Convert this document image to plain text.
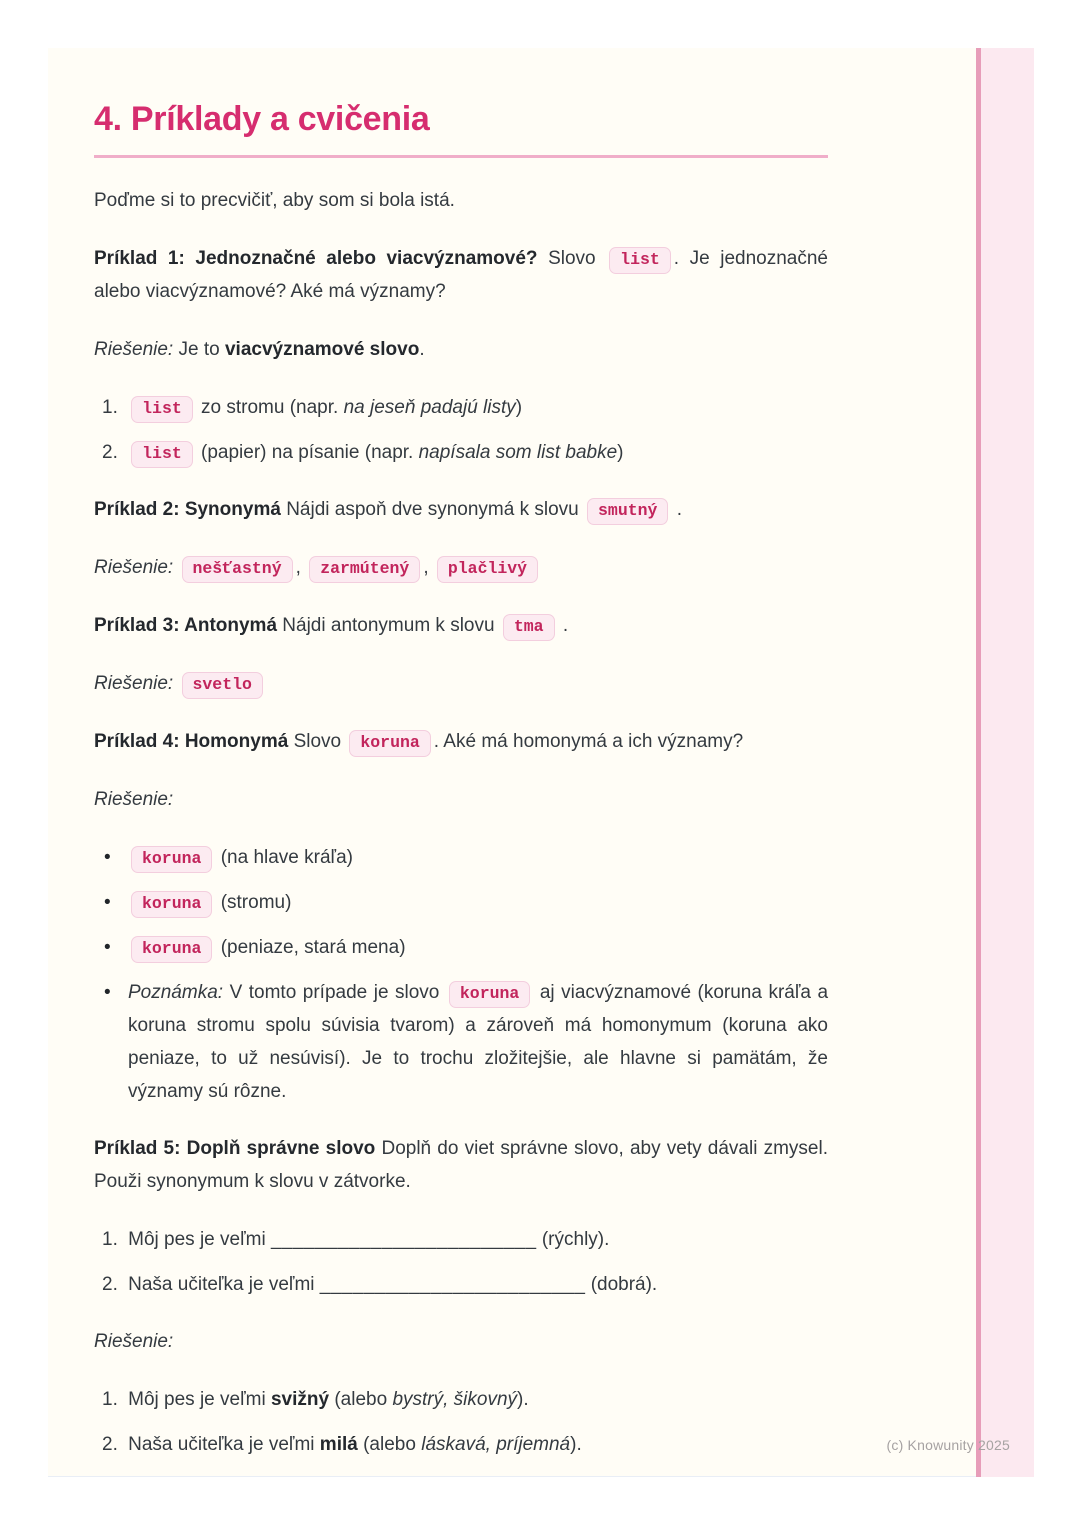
4. Príklady a cvičenia

Poďme si to precvičiť, aby som si bola istá.

Príklad 1: Jednoznačné alebo viacvýznamové? Slovo list . Je jednoznačné alebo viacvýznamové? Aké má významy?

Riešenie: Je to viacvýznamové slovo.

1. list zo stromu (napr. na jeseň padajú listy)
2. list (papier) na písanie (napr. napísala som list babke)

Príklad 2: Synonymá Nájdi aspoň dve synonymá k slovu smutný .

Riešenie: nešťastný , zarmútený , plačlivý

Príklad 3: Antonymá Nájdi antonymum k slovu tma .

Riešenie: svetlo

Príklad 4: Homonymá Slovo koruna . Aké má homonymá a ich významy?

Riešenie:

•	koruna (na hlave kráľa)
•	koruna (stromu)
•	koruna (peniaze, stará mena)
• Poznámka: V tomto prípade je slovo koruna aj viacvýznamové (koruna kráľa a koruna stromu spolu súvisia tvarom) a zároveň má homonymum (koruna ako peniaze, to už nesúvisí). Je to trochu zložitejšie, ale hlavne si pamätám, že významy sú rôzne.

Príklad 5: Doplň správne slovo Doplň do viet správne slovo, aby vety dávali zmysel. Použi synonymum k slovu v zátvorke.

1. Môj pes je veľmi ________________________ (rýchly).
2. Naša učiteľka je veľmi ________________________ (dobrá).

Riešenie:

1. Môj pes je veľmi svižný (alebo bystrý, šikovný).
2. Naša učiteľka je veľmi milá (alebo láskavá, príjemná).	(c) Knowunity 2025
